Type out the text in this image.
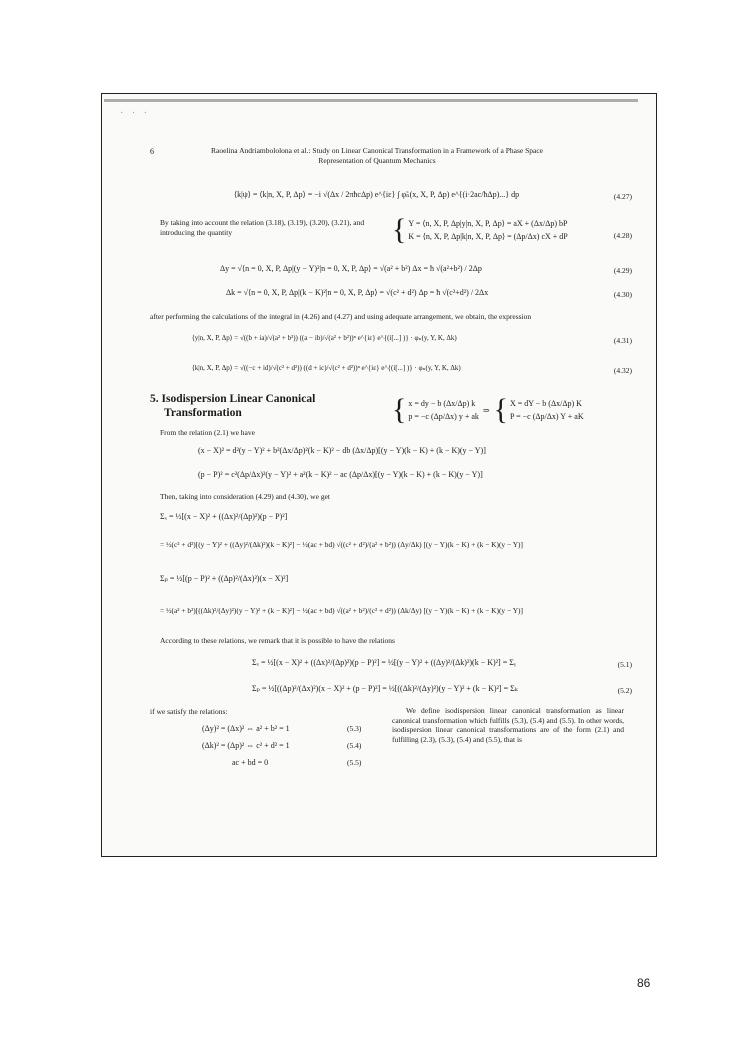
· · ·
6	Raoelina Andriambololona et al.: Study on Linear Canonical Transformation in a Framework of a Phase Space Representation of Quantum Mechanics
⟨k|ψ⟩ = ⟨k|n, X, P, Δp⟩ = −i √(Δx / 2πħcΔp) e^{iε} ∫ φ̃ₙ(x, X, P, Δp) e^{(i·2ac/ħΔp)...} dp	(4.27)
By taking into account the relation (3.18), (3.19), (3.20), (3.21), and introducing the quantity	{ Y = ⟨n, X, P, Δp|y|n, X, P, Δp⟩ = aX + (Δx/Δp) bP
K = ⟨n, X, P, Δp|k|n, X, P, Δp⟩ = (Δp/Δx) cX + dP	(4.28)
Δy = √⟨n = 0, X, P, Δp|(y − Y)²|n = 0, X, P, Δp⟩ = √(a² + b²) Δx = ħ √(a²+b²) / 2Δp	(4.29)
Δk = √⟨n = 0, X, P, Δp|(k − K)²|n = 0, X, P, Δp⟩ = √(c² + d²) Δp = ħ √(c²+d²) / 2Δx	(4.30)
after performing the calculations of the integral in (4.26) and (4.27) and using adequate arrangement, we obtain, the expression
⟨y|n, X, P, Δp⟩ = √((b + ia)/√(a² + b²)) ((a − ib)/√(a² + b²))ⁿ e^{iε} e^{(i[...] )} · φₙ(y, Y, K, Δk)	(4.31)
⟨k|n, X, P, Δp⟩ = √((−c + id)/√(c² + d²)) ((d + ic)/√(c² + d²))ⁿ e^{iε} e^{(i[...] )} · φₙ(y, Y, K, Δk)	(4.32)
5. Isodispersion Linear Canonical
Transformation	{ x = dy − b (Δx/Δp) k
p = −c (Δp/Δx) y + ak
⇒ { X = dY − b (Δx/Δp) K
P = −c (Δp/Δx) Y + aK
From the relation (2.1) we have
(x − X)² = d²(y − Y)² + b²(Δx/Δp)²(k − K)² − db (Δx/Δp)[(y − Y)(k − K) + (k − K)(y − Y)]
(p − P)² = c²(Δp/Δx)²(y − Y)² + a²(k − K)² − ac (Δp/Δx)[(y − Y)(k − K) + (k − K)(y − Y)]
Then, taking into consideration (4.29) and (4.30), we get
Σₓ = ½[(x − X)² + ((Δx)²/(Δp)²)(p − P)²]
= ½(c² + d²)[(y − Y)² + ((Δy)²/(Δk)²)(k − K)²] − ½(ac + bd) √((c² + d²)/(a² + b²)) (Δy/Δk) [(y − Y)(k − K) + (k − K)(y − Y)]
Σₚ = ½[(p − P)² + ((Δp)²/(Δx)²)(x − X)²]
= ½(a² + b²)[((Δk)²/(Δy)²)(y − Y)² + (k − K)²] − ½(ac + bd) √((a² + b²)/(c² + d²)) (Δk/Δy) [(y − Y)(k − K) + (k − K)(y − Y)]
According to these relations, we remark that it is possible to have the relations
Σₓ = ½[(x − X)² + ((Δx)²/(Δp)²)(p − P)²] = ½[(y − Y)² + ((Δy)²/(Δk)²)(k − K)²] = Σᵧ	(5.1)
Σₚ = ½[((Δp)²/(Δx)²)(x − X)² + (p − P)²] = ½[((Δk)²/(Δy)²)(y − Y)² + (k − K)²] = Σₖ	(5.2)
if we satisfy the relations:
(Δy)² = (Δx)² ⇔ a² + b² = 1	(5.3)
(Δk)² = (Δp)² ⇔ c² + d² = 1	(5.4)
ac + bd = 0	(5.5)
We define isodispersion linear canonical transformation as linear canonical transformation which fulfills (5.3), (5.4) and (5.5). In other words, isodispersion linear canonical transformations are of the form (2.1) and fulfilling (2.3), (5.3), (5.4) and (5.5), that is
86
